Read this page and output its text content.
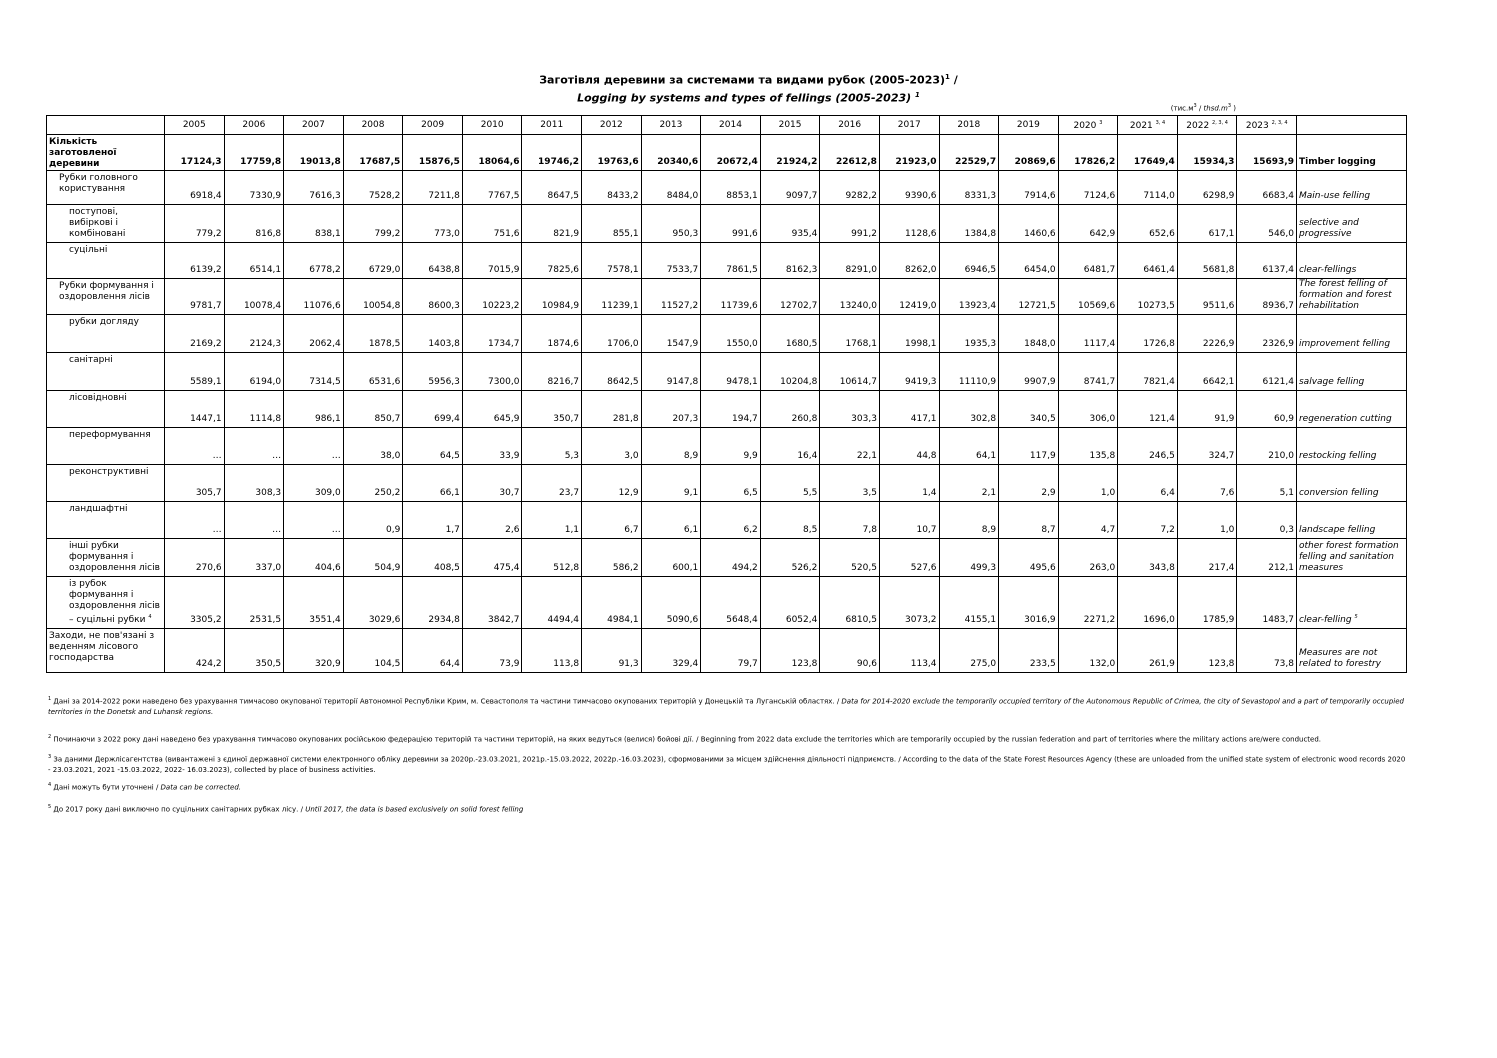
Заготівля деревини за системами та видами рубок (2005-2023)$^1$ /
Logging by systems and types of fellings (2005-2023) $^1$
($тис.м^3$ / $thsd.m^3$ )
	2005	2006	2007	2008	2009	2010	2011	2012	2013	2014	2015	2016	2017	2018	2019	2020 $^3$	2021 $^{3, 4}$	2022 $^{2, 3, 4}$	2023 $^{2, 3, 4}$	
Кількість заготовленої деревини	17124,3	17759,8	19013,8	17687,5	15876,5	18064,6	19746,2	19763,6	20340,6	20672,4	21924,2	22612,8	21923,0	22529,7	20869,6	17826,2	17649,4	15934,3	15693,9	Timber logging
Рубки головного користування	6918,4	7330,9	7616,3	7528,2	7211,8	7767,5	8647,5	8433,2	8484,0	8853,1	9097,7	9282,2	9390,6	8331,3	7914,6	7124,6	7114,0	6298,9	6683,4	Main-use felling
поступові, вибіркові і комбіновані	779,2	816,8	838,1	799,2	773,0	751,6	821,9	855,1	950,3	991,6	935,4	991,2	1128,6	1384,8	1460,6	642,9	652,6	617,1	546,0	selective and progressive
суцільні	6139,2	6514,1	6778,2	6729,0	6438,8	7015,9	7825,6	7578,1	7533,7	7861,5	8162,3	8291,0	8262,0	6946,5	6454,0	6481,7	6461,4	5681,8	6137,4	clear-fellings
Рубки формування і оздоровлення лісів	9781,7	10078,4	11076,6	10054,8	8600,3	10223,2	10984,9	11239,1	11527,2	11739,6	12702,7	13240,0	12419,0	13923,4	12721,5	10569,6	10273,5	9511,6	8936,7	The forest felling of formation and forest rehabilitation
рубки догляду	2169,2	2124,3	2062,4	1878,5	1403,8	1734,7	1874,6	1706,0	1547,9	1550,0	1680,5	1768,1	1998,1	1935,3	1848,0	1117,4	1726,8	2226,9	2326,9	improvement felling
санітарні	5589,1	6194,0	7314,5	6531,6	5956,3	7300,0	8216,7	8642,5	9147,8	9478,1	10204,8	10614,7	9419,3	11110,9	9907,9	8741,7	7821,4	6642,1	6121,4	salvage felling
лісовідновні	1447,1	1114,8	986,1	850,7	699,4	645,9	350,7	281,8	207,3	194,7	260,8	303,3	417,1	302,8	340,5	306,0	121,4	91,9	60,9	regeneration cutting
переформування	…	…	…	38,0	64,5	33,9	5,3	3,0	8,9	9,9	16,4	22,1	44,8	64,1	117,9	135,8	246,5	324,7	210,0	restocking felling
реконструктивні	305,7	308,3	309,0	250,2	66,1	30,7	23,7	12,9	9,1	6,5	5,5	3,5	1,4	2,1	2,9	1,0	6,4	7,6	5,1	conversion felling
ландшафтні	…	…	…	0,9	1,7	2,6	1,1	6,7	6,1	6,2	8,5	7,8	10,7	8,9	8,7	4,7	7,2	1,0	0,3	landscape felling
інші рубки формування і оздоровлення лісів	270,6	337,0	404,6	504,9	408,5	475,4	512,8	586,2	600,1	494,2	526,2	520,5	527,6	499,3	495,6	263,0	343,8	217,4	212,1	other forest formation felling and sanitation measures
із рубок формування і оздоровлення лісів – суцільні рубки $^4$	3305,2	2531,5	3551,4	3029,6	2934,8	3842,7	4494,4	4984,1	5090,6	5648,4	6052,4	6810,5	3073,2	4155,1	3016,9	2271,2	1696,0	1785,9	1483,7	clear-felling $^5$
Заходи, не пов'язані з веденням лісового господарства	424,2	350,5	320,9	104,5	64,4	73,9	113,8	91,3	329,4	79,7	123,8	90,6	113,4	275,0	233,5	132,0	261,9	123,8	73,8	Measures are not related to forestry
$^1$ Дані за 2014-2022 роки наведено без урахування тимчасово окупованої території Автономної Республіки Крим, м. Севастополя та частини тимчасово окупованих територій у Донецькій та Луганській областях. / Data for 2014-2020 exclude the temporarily occupied territory of the Autonomous Republic of Crimea, the city of Sevastopol and a part of temporarily occupied territories in the Donetsk and Luhansk regions.
$^2$ Починаючи з 2022 року дані наведено без урахування тимчасово окупованих російською федерацією територій та частини територій, на яких ведуться (велися) бойові дії. / Beginning from 2022 data exclude the territories which are temporarily occupied by the russian federation and part of territories where the military actions are/were conducted.
$^3$ За даними Держлісагентства (вивантажені з єдиної державної системи електронного обліку деревини за 2020р.-23.03.2021, 2021р.-15.03.2022, 2022р.-16.03.2023), сформованими за місцем здійснення діяльності підприємств. / According to the data of the State Forest Resources Agency (these are unloaded from the unified state system of electronic wood records 2020 - 23.03.2021, 2021 -15.03.2022, 2022- 16.03.2023), collected by place of business activities.
$^4$ Дані можуть бути уточнені / Data can be corrected.
$^5$ До 2017 року дані виключно по суцільних санітарних рубках лісу. / Until 2017, the data is based exclusively on solid forest felling
